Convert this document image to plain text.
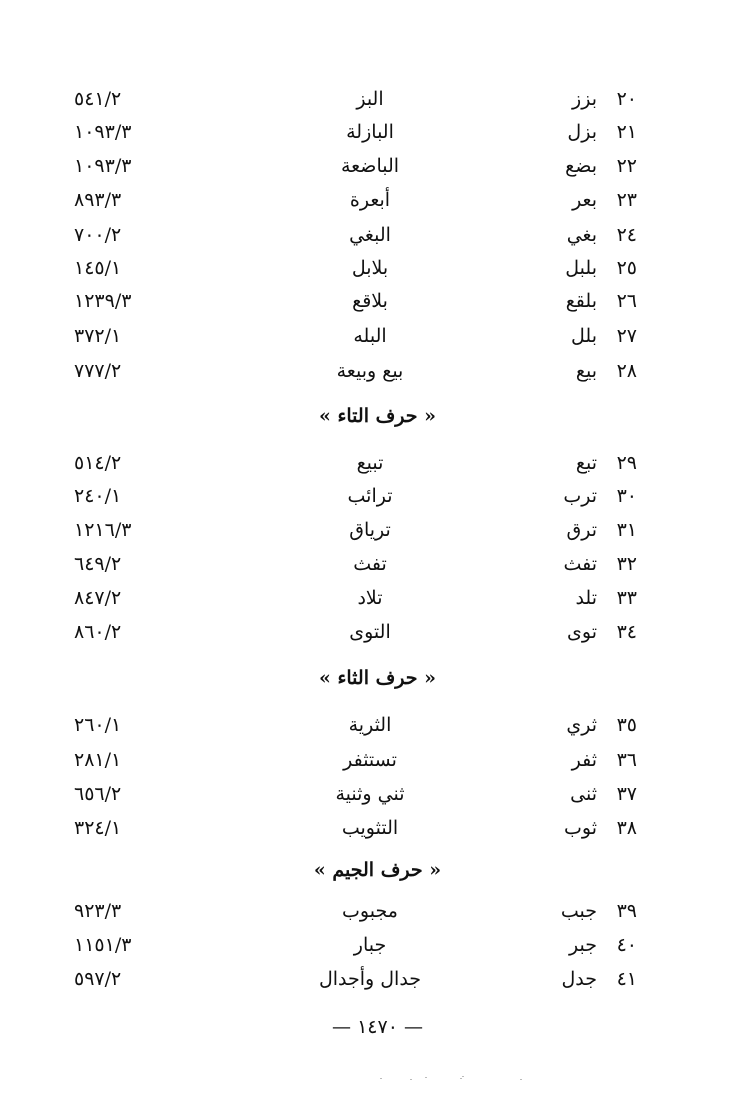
٢٠
بزز
البز
٥٤١/٢
٢١
بزل
البازلة
١٠٩٣/٣
٢٢
بضع
الباضعة
١٠٩٣/٣
٢٣
بعر
أبعرة
٨٩٣/٣
٢٤
بغي
البغي
٧٠٠/٢
٢٥
بلبل
بلابل
١٤٥/١
٢٦
بلقع
بلاقع
١٢٣٩/٣
٢٧
بلل
البله
٣٧٢/١
٢٨
بيع
بيع وبيعة
٧٧٧/٢
« حرف التاء »
٢٩
تبع
تبيع
٥١٤/٢
٣٠
ترب
ترائب
٢٤٠/١
٣١
ترق
ترياق
١٢١٦/٣
٣٢
تفث
تفث
٦٤٩/٢
٣٣
تلد
تلاد
٨٤٧/٢
٣٤
توى
التوى
٨٦٠/٢
« حرف الثاء »
٣٥
ثري
الثرية
٢٦٠/١
٣٦
ثفر
تستثفر
٢٨١/١
٣٧
ثنى
ثني وثنية
٦٥٦/٢
٣٨
ثوب
التثويب
٣٢٤/١
« حرف الجيم »
٣٩
جبب
مجبوب
٩٢٣/٣
٤٠
جبر
جبار
١١٥١/٣
٤١
جدل
جدال وأجدال
٥٩٧/٢
— ١٤٧٠ —
